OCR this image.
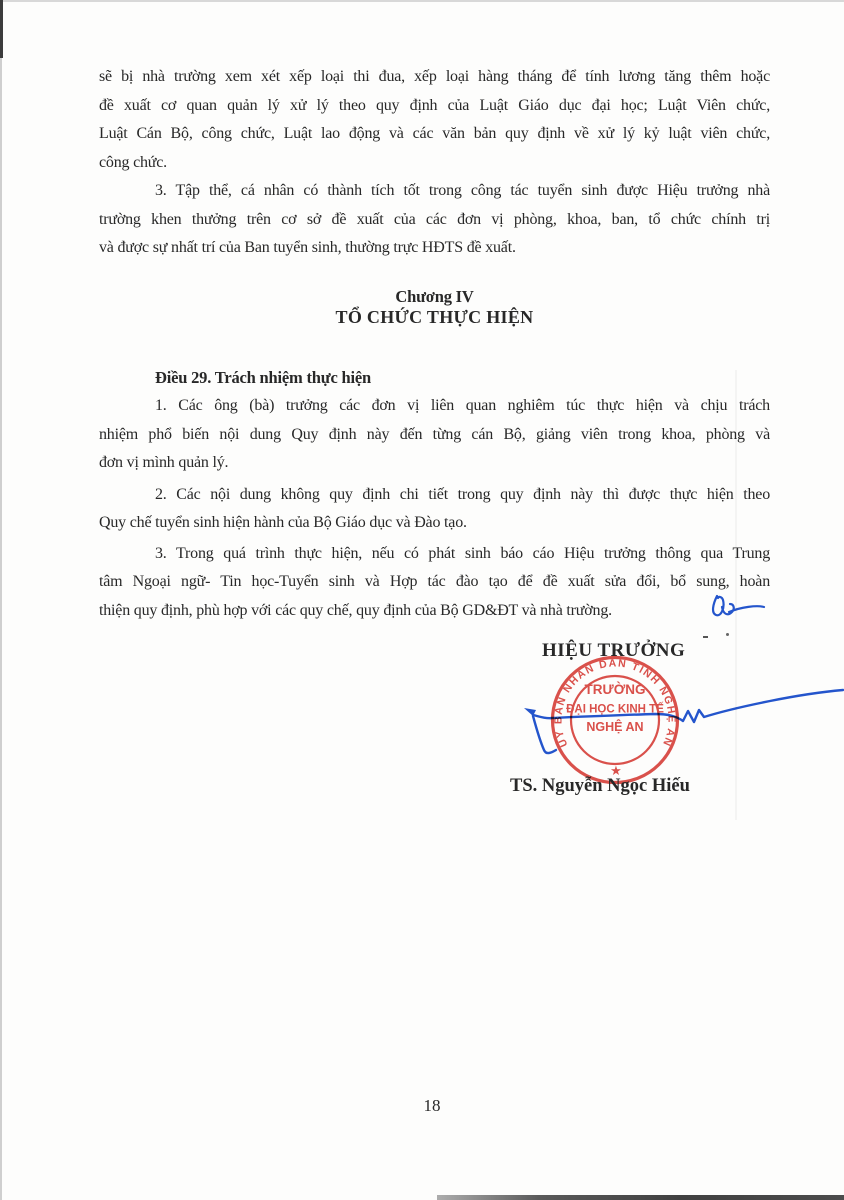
sẽ bị nhà trường xem xét xếp loại thi đua, xếp loại hàng tháng để tính lương tăng thêm hoặc
đề xuất cơ quan quản lý xử lý theo quy định của Luật Giáo dục đại học; Luật Viên chức,
Luật Cán Bộ, công chức, Luật lao động và các văn bản quy định về xử lý kỷ luật viên chức,
công chức.
3. Tập thể, cá nhân có thành tích tốt trong công tác tuyển sinh được Hiệu trưởng nhà
trường khen thưởng trên cơ sở đề xuất của các đơn vị phòng, khoa, ban, tổ chức chính trị
và được sự nhất trí của Ban tuyển sinh, thường trực HĐTS đề xuất.
Chương IV
TỔ CHỨC THỰC HIỆN
Điều 29. Trách nhiệm thực hiện
1. Các ông (bà) trưởng các đơn vị liên quan nghiêm túc thực hiện và chịu trách
nhiệm phổ biến nội dung Quy định này đến từng cán Bộ, giảng viên trong khoa, phòng và
đơn vị mình quản lý.
2. Các nội dung không quy định chi tiết trong quy định này thì được thực hiện theo
Quy chế tuyển sinh hiện hành của Bộ Giáo dục và Đào tạo.
3. Trong quá trình thực hiện, nếu có phát sinh báo cáo Hiệu trưởng thông qua Trung
tâm Ngoại ngữ- Tin học-Tuyển sinh và Hợp tác đào tạo để đề xuất sửa đổi, bổ sung, hoàn
thiện quy định, phù hợp với các quy chế, quy định của Bộ GD&ĐT và nhà trường.
HIỆU TRƯỞNG
UỶ BAN NHÂN DÂN TỈNH NGHỆ AN
TRƯỜNG
ĐẠI HỌC KINH TẾ
NGHỆ AN
★
TS. Nguyễn Ngọc Hiếu
18
